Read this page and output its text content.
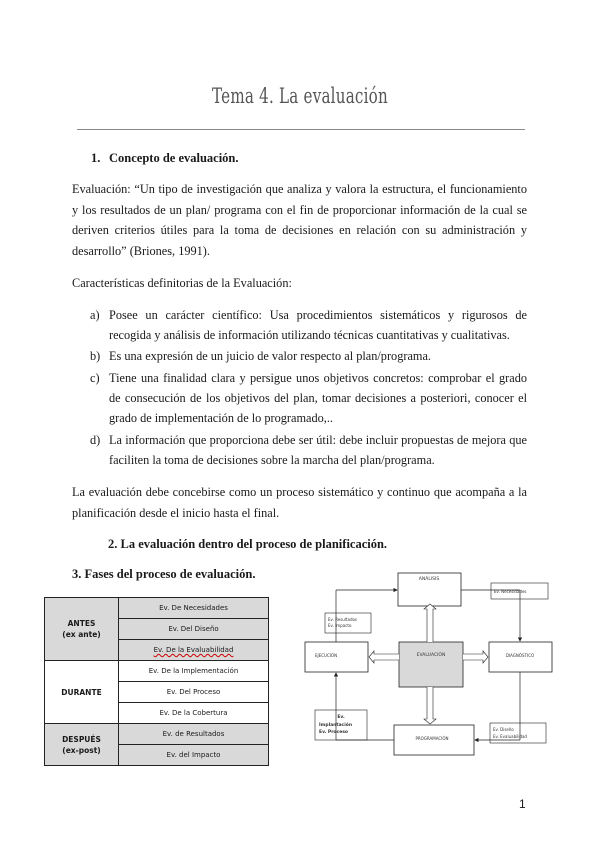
Tema 4. La evaluación
1. Concepto de evaluación.
Evaluación: “Un tipo de investigación que analiza y valora la estructura, el funcionamiento y los resultados de un plan/ programa con el fin de proporcionar información de la cual se deriven criterios útiles para la toma de decisiones en relación con su administración y desarrollo” (Briones, 1991).
Características definitorias de la Evaluación:
a) Posee un carácter científico: Usa procedimientos sistemáticos y rigurosos de recogida y análisis de información utilizando técnicas cuantitativas y cualitativas.
b) Es una expresión de un juicio de valor respecto al plan/programa.
c) Tiene una finalidad clara y persigue unos objetivos concretos: comprobar el grado de consecución de los objetivos del plan, tomar decisiones a posteriori, conocer el grado de implementación de lo programado,..
d) La información que proporciona debe ser útil: debe incluir propuestas de mejora que faciliten la toma de decisiones sobre la marcha del plan/programa.
La evaluación debe concebirse como un proceso sistemático y continuo que acompaña a la planificación desde el inicio hasta el final.
2. La evaluación dentro del proceso de planificación.
3. Fases del proceso de evaluación.
ANTES
(ex ante)	Ev. De Necesidades
	Ev. Del Diseño
	Ev. De la Evaluabilidad

DURANTE	Ev. De la Implementación
	Ev. Del Proceso
	Ev. De la Cobertura

DESPUÉS
(ex-post)	Ev. de Resultados
	Ev. del Impacto
ANÁLISIS
EVALUACIÓN
EJECUCIÓN	DIAGNÓSTICO
PROGRAMACIÓN
Ev. Necesidades
Ev. Resultados
Ev. Impacto
Ev.
Implantación
Ev. Proceso
Ev. Diseño
Ev. Evaluabilidad
1
